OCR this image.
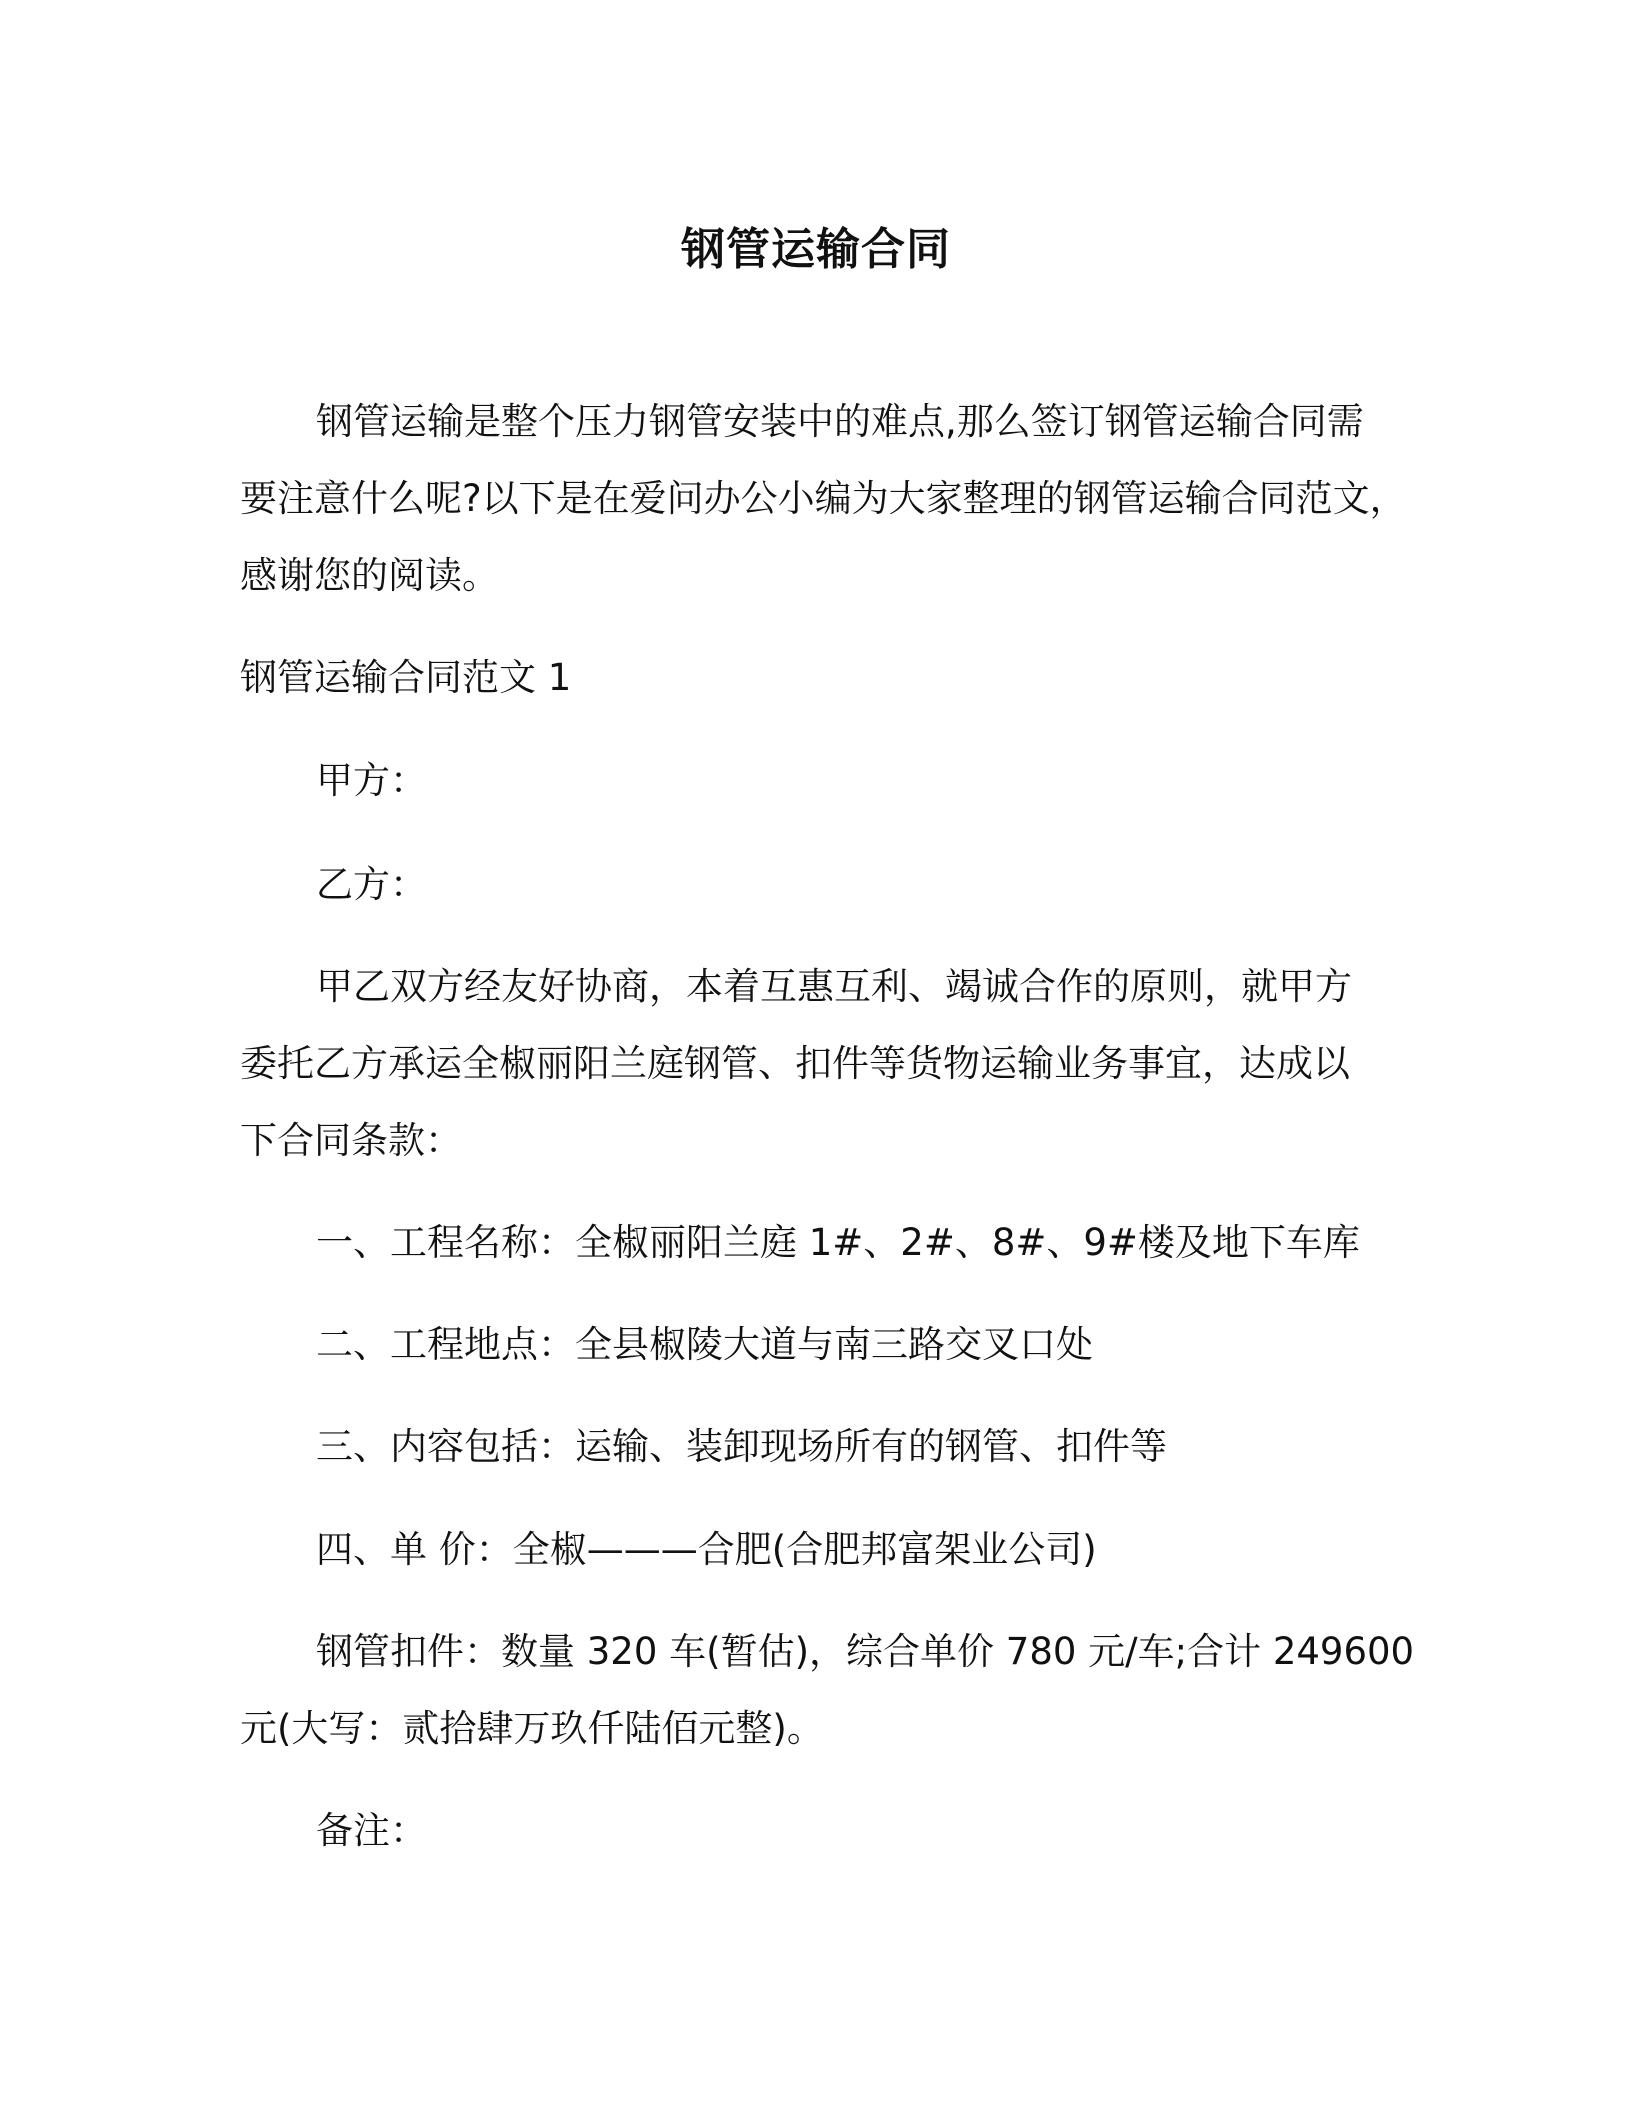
钢管运输合同
钢管运输是整个压力钢管安装中的难点,那么签订钢管运输合同需
要注意什么呢?以下是在爱问办公小编为大家整理的钢管运输合同范文，
感谢您的阅读。
钢管运输合同范文 1
甲方：
乙方：
甲乙双方经友好协商，本着互惠互利、竭诚合作的原则，就甲方
委托乙方承运全椒丽阳兰庭钢管、扣件等货物运输业务事宜，达成以
下合同条款：
一、工程名称：全椒丽阳兰庭 1#、2#、8#、9#楼及地下车库
二、工程地点：全县椒陵大道与南三路交叉口处
三、内容包括：运输、装卸现场所有的钢管、扣件等
四、单 价：全椒———合肥(合肥邦富架业公司)
钢管扣件：数量 320 车(暂估)，综合单价 780 元/车;合计 249600
元(大写：贰拾肆万玖仟陆佰元整)。
备注：
